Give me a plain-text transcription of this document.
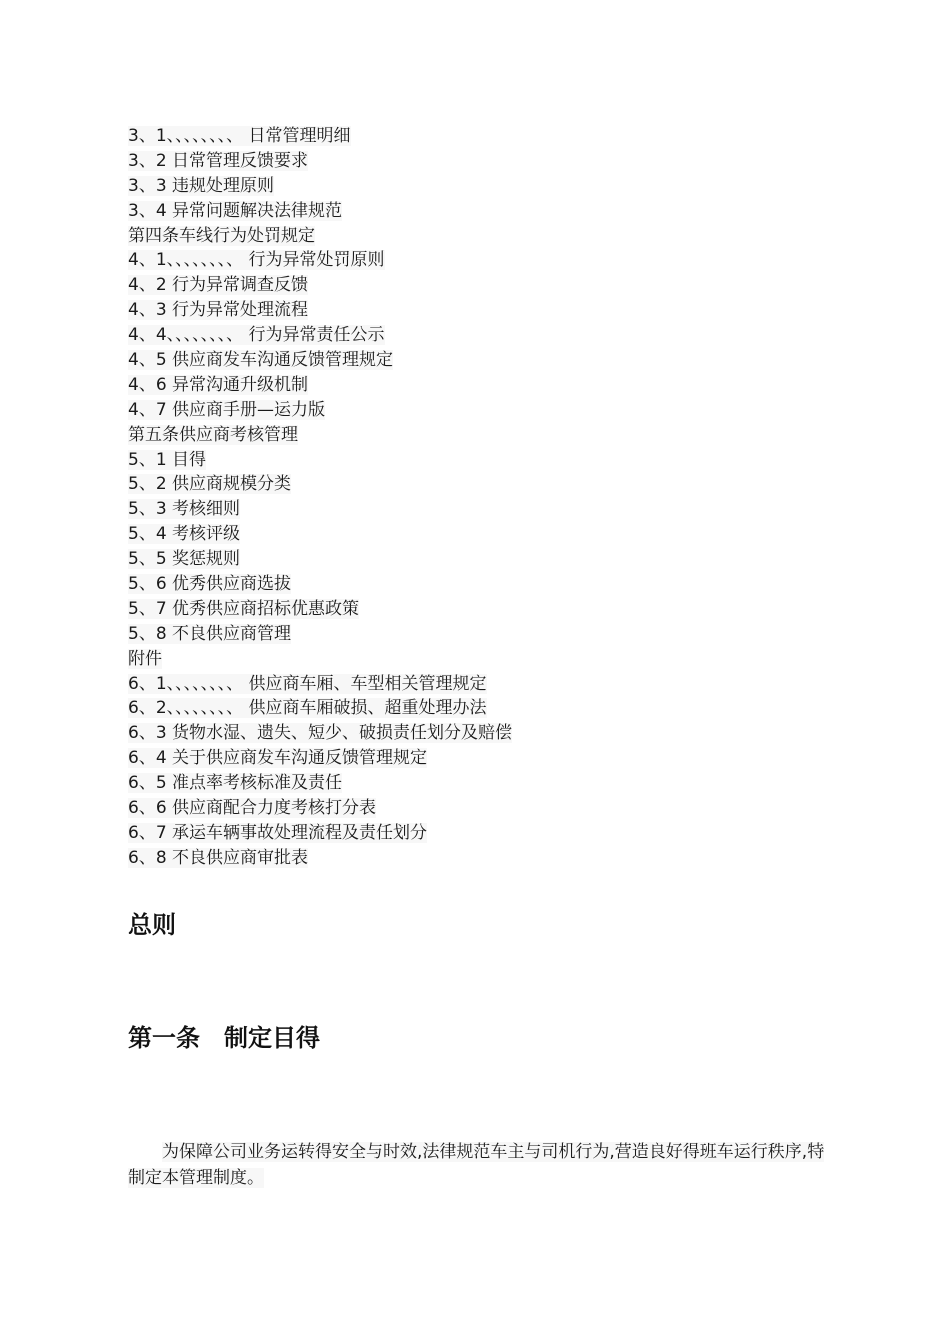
3、1、、、、、、、、 日常管理明细
3、2 日常管理反馈要求
3、3 违规处理原则
3、4 异常问题解决法律规范
第四条车线行为处罚规定
4、1、、、、、、、、 行为异常处罚原则
4、2 行为异常调查反馈
4、3 行为异常处理流程
4、4、、、、、、、、 行为异常责任公示
4、5 供应商发车沟通反馈管理规定
4、6 异常沟通升级机制
4、7 供应商手册—运力版
第五条供应商考核管理
5、1 目得
5、2 供应商规模分类
5、3 考核细则
5、4 考核评级
5、5 奖惩规则
5、6 优秀供应商选拔
5、7 优秀供应商招标优惠政策
5、8 不良供应商管理
附件
6、1、、、、、、、、 供应商车厢、车型相关管理规定
6、2、、、、、、、、 供应商车厢破损、超重处理办法
6、3 货物水湿、遗失、短少、破损责任划分及赔偿
6、4 关于供应商发车沟通反馈管理规定
6、5 准点率考核标准及责任
6、6 供应商配合力度考核打分表
6、7 承运车辆事故处理流程及责任划分
6、8 不良供应商审批表
总则
第一条　制定目得

为保障公司业务运转得安全与时效,法律规范车主与司机行为,营造良好得班车运行秩序,特制定本管理制度。
